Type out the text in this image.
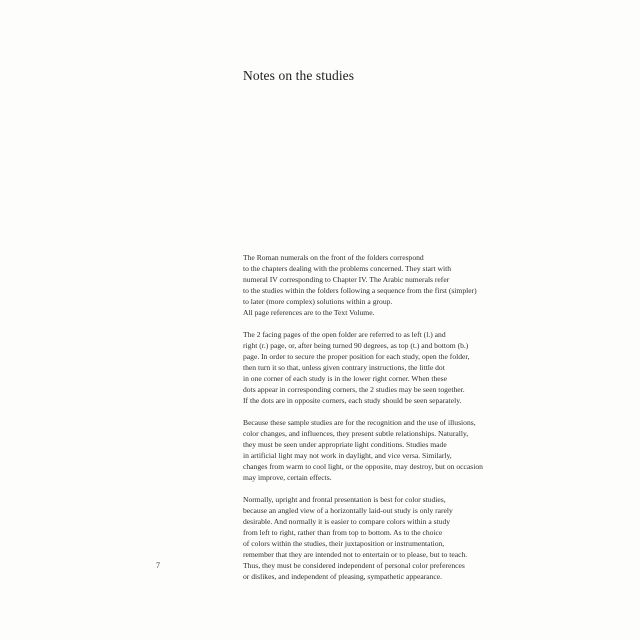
Notes on the studies

The Roman numerals on the front of the folders correspond
to the chapters dealing with the problems concerned. They start with
numeral IV corresponding to Chapter IV. The Arabic numerals refer
to the studies within the folders following a sequence from the first (simpler)
to later (more complex) solutions within a group.
All page references are to the Text Volume.

The 2 facing pages of the open folder are referred to as left (l.) and
right (r.) page, or, after being turned 90 degrees, as top (t.) and bottom (b.)
page. In order to secure the proper position for each study, open the folder,
then turn it so that, unless given contrary instructions, the little dot
in one corner of each study is in the lower right corner. When these
dots appear in corresponding corners, the 2 studies may be seen together.
If the dots are in opposite corners, each study should be seen separately.

Because these sample studies are for the recognition and the use of illusions,
color changes, and influences, they present subtle relationships. Naturally,
they must be seen under appropriate light conditions. Studies made
in artificial light may not work in daylight, and vice versa. Similarly,
changes from warm to cool light, or the opposite, may destroy, but on occasion
may improve, certain effects.

Normally, upright and frontal presentation is best for color studies,
because an angled view of a horizontally laid-out study is only rarely
desirable. And normally it is easier to compare colors within a study
from left to right, rather than from top to bottom. As to the choice
of colors within the studies, their juxtaposition or instrumentation,
remember that they are intended not to entertain or to please, but to teach.
Thus, they must be considered independent of personal color preferences
or dislikes, and independent of pleasing, sympathetic appearance.

7
